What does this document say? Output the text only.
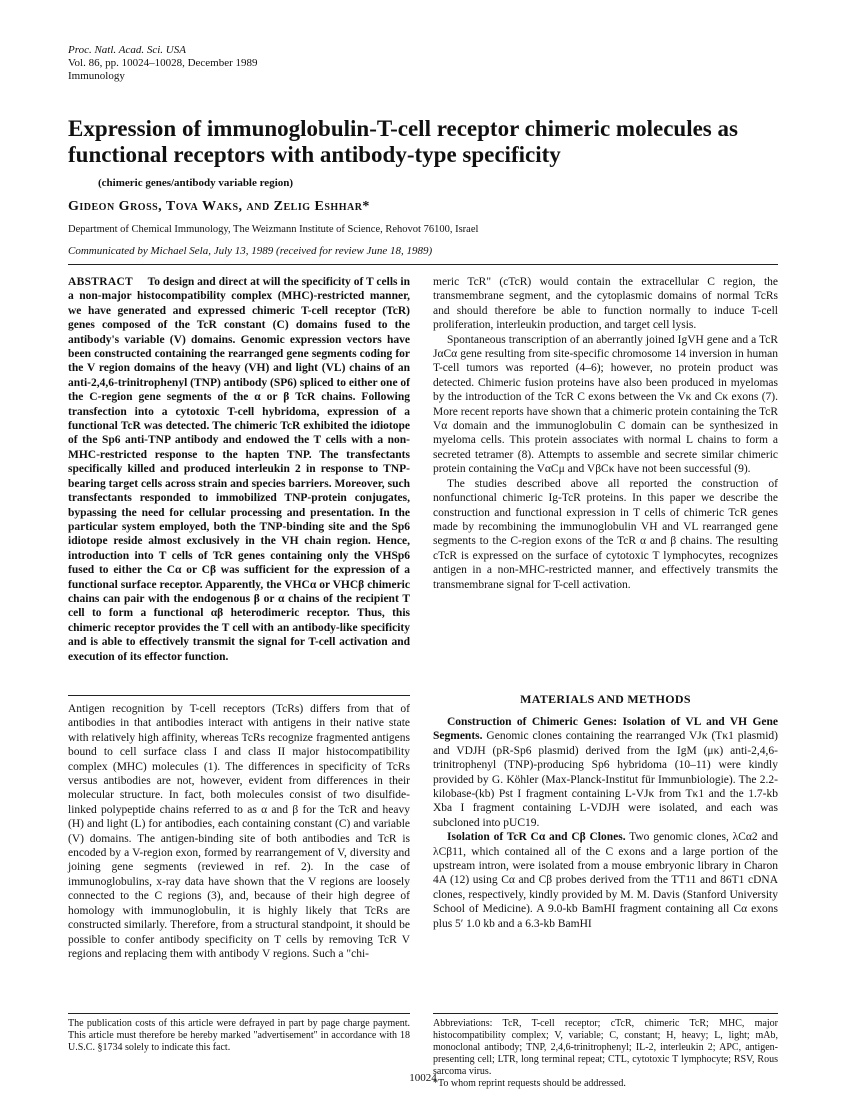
Proc. Natl. Acad. Sci. USA
Vol. 86, pp. 10024–10028, December 1989
Immunology
Expression of immunoglobulin-T-cell receptor chimeric molecules as functional receptors with antibody-type specificity
(chimeric genes/antibody variable region)
Gideon Gross, Tova Waks, and Zelig Eshhar*
Department of Chemical Immunology, The Weizmann Institute of Science, Rehovot 76100, Israel
Communicated by Michael Sela, July 13, 1989 (received for review June 18, 1989)

ABSTRACT To design and direct at will the specificity of T cells in a non-major histocompatibility complex (MHC)-restricted manner, we have generated and expressed chimeric T-cell receptor (TcR) genes composed of the TcR constant (C) domains fused to the antibody's variable (V) domains. Genomic expression vectors have been constructed containing the rearranged gene segments coding for the V region domains of the heavy (VH) and light (VL) chains of an anti-2,4,6-trinitrophenyl (TNP) antibody (SP6) spliced to either one of the C-region gene segments of the α or β TcR chains. Following transfection into a cytotoxic T-cell hybridoma, expression of a functional TcR was detected. The chimeric TcR exhibited the idiotope of the Sp6 anti-TNP antibody and endowed the T cells with a non-MHC-restricted response to the hapten TNP. The transfectants specifically killed and produced interleukin 2 in response to TNP-bearing target cells across strain and species barriers. Moreover, such transfectants responded to immobilized TNP-protein conjugates, bypassing the need for cellular processing and presentation. In the particular system employed, both the TNP-binding site and the Sp6 idiotope reside almost exclusively in the VH chain region. Hence, introduction into T cells of TcR genes containing only the VHSp6 fused to either the Cα or Cβ was sufficient for the expression of a functional surface receptor. Apparently, the VHCα or VHCβ chimeric chains can pair with the endogenous β or α chains of the recipient T cell to form a functional αβ heterodimeric receptor. Thus, this chimeric receptor provides the T cell with an antibody-like specificity and is able to effectively transmit the signal for T-cell activation and execution of its effector function.

Antigen recognition by T-cell receptors (TcRs) differs from that of antibodies in that antibodies interact with antigens in their native state with relatively high affinity, whereas TcRs recognize fragmented antigens bound to cell surface class I and class II major histocompatibility complex (MHC) molecules (1). The differences in specificity of TcRs versus antibodies are not, however, evident from differences in their molecular structure. In fact, both molecules consist of two disulfide-linked polypeptide chains referred to as α and β for the TcR and heavy (H) and light (L) for antibodies, each containing constant (C) and variable (V) domains. The antigen-binding site of both antibodies and TcR is encoded by a V-region exon, formed by rearrangement of V, diversity and joining gene segments (reviewed in ref. 2). In the case of immunoglobulins, x-ray data have shown that the V regions are loosely connected to the C regions (3), and, because of their high degree of homology with immunoglobulin, it is highly likely that TcRs are constructed similarly. Therefore, from a structural standpoint, it should be possible to confer antibody specificity on T cells by removing TcR V regions and replacing them with antibody V regions. Such a "chi-

The publication costs of this article were defrayed in part by page charge payment. This article must therefore be hereby marked "advertisement" in accordance with 18 U.S.C. §1734 solely to indicate this fact.

meric TcR" (cTcR) would contain the extracellular C region, the transmembrane segment, and the cytoplasmic domains of normal TcRs and should therefore be able to function normally to induce T-cell proliferation, interleukin production, and target cell lysis.

Spontaneous transcription of an aberrantly joined IgVH gene and a TcR JαCα gene resulting from site-specific chromosome 14 inversion in human T-cell tumors was reported (4–6); however, no protein product was detected. Chimeric fusion proteins have also been produced in myelomas by the introduction of the TcR C exons between the Vκ and Cκ exons (7). More recent reports have shown that a chimeric protein containing the TcR Vα domain and the immunoglobulin C domain can be synthesized in myeloma cells. This protein associates with normal L chains to form a secreted tetramer (8). Attempts to assemble and secrete similar chimeric protein containing the VαCμ and VβCκ have not been successful (9).

The studies described above all reported the construction of nonfunctional chimeric Ig-TcR proteins. In this paper we describe the construction and functional expression in T cells of chimeric TcR genes made by recombining the immunoglobulin VH and VL rearranged gene segments to the C-region exons of the TcR α and β chains. The resulting cTcR is expressed on the surface of cytotoxic T lymphocytes, recognizes antigen in a non-MHC-restricted manner, and effectively transmits the transmembrane signal for T-cell activation.

MATERIALS AND METHODS

Construction of Chimeric Genes: Isolation of VL and VH Gene Segments. Genomic clones containing the rearranged VJκ (Tκ1 plasmid) and VDJH (pR-Sp6 plasmid) derived from the IgM (μκ) anti-2,4,6-trinitrophenyl (TNP)-producing Sp6 hybridoma (10–11) were kindly provided by G. Köhler (Max-Planck-Institut für Immunbiologie). The 2.2-kilobase-(kb) Pst I fragment containing L-VJκ from Tκ1 and the 1.7-kb Xba I fragment containing L-VDJH were isolated, and each was subcloned into pUC19.

Isolation of TcR Cα and Cβ Clones. Two genomic clones, λCα2 and λCβ11, which contained all of the C exons and a large portion of the upstream intron, were isolated from a mouse embryonic library in Charon 4A (12) using Cα and Cβ probes derived from the TT11 and 86T1 cDNA clones, respectively, kindly provided by M. M. Davis (Stanford University School of Medicine). A 9.0-kb BamHI fragment containing all Cα exons plus 5′ 1.0 kb and a 6.3-kb BamHI

Abbreviations: TcR, T-cell receptor; cTcR, chimeric TcR; MHC, major histocompatibility complex; V, variable; C, constant; H, heavy; L, light; mAb, monoclonal antibody; TNP, 2,4,6-trinitrophenyl; IL-2, interleukin 2; APC, antigen-presenting cell; LTR, long terminal repeat; CTL, cytotoxic T lymphocyte; RSV, Rous sarcoma virus.

*To whom reprint requests should be addressed.

10024
